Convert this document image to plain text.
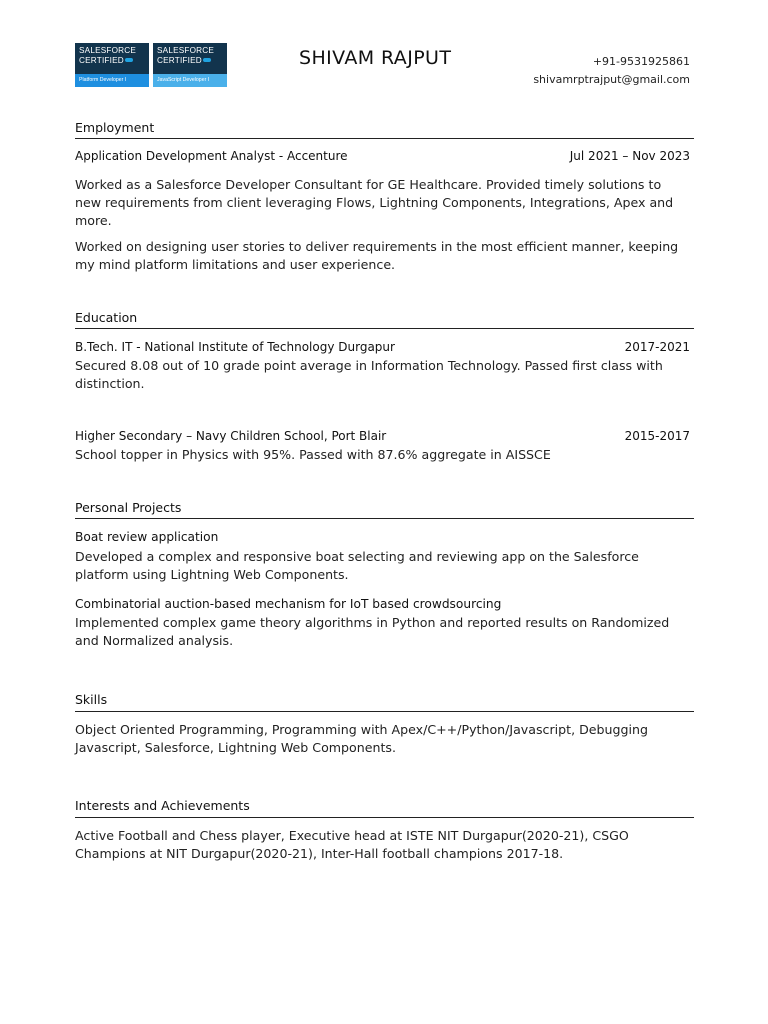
SALESFORCE
CERTIFIED
Platform Developer I
SALESFORCE
CERTIFIED
JavaScript Developer I
SHIVAM RAJPUT	+91-9531925861
shivamrptrajput@gmail.com
Employment
Application Development Analyst - Accenture	Jul 2021 – Nov 2023

Worked as a Salesforce Developer Consultant for GE Healthcare. Provided timely solutions to new requirements from client leveraging Flows, Lightning Components, Integrations, Apex and more.

Worked on designing user stories to deliver requirements in the most efficient manner, keeping my mind platform limitations and user experience.

Education
B.Tech. IT - National Institute of Technology Durgapur	2017-2021

Secured 8.08 out of 10 grade point average in Information Technology. Passed first class with distinction.

Higher Secondary – Navy Children School, Port Blair	2015-2017

School topper in Physics with 95%. Passed with 87.6% aggregate in AISSCE

Personal Projects
Boat review application

Developed a complex and responsive boat selecting and reviewing app on the Salesforce platform using Lightning Web Components.

Combinatorial auction-based mechanism for IoT based crowdsourcing

Implemented complex game theory algorithms in Python and reported results on Randomized and Normalized analysis.

Skills

Object Oriented Programming, Programming with Apex/C++/Python/Javascript, Debugging Javascript, Salesforce, Lightning Web Components.

Interests and Achievements

Active Football and Chess player, Executive head at ISTE NIT Durgapur(2020-21), CSGO Champions at NIT Durgapur(2020-21), Inter-Hall football champions 2017-18.
